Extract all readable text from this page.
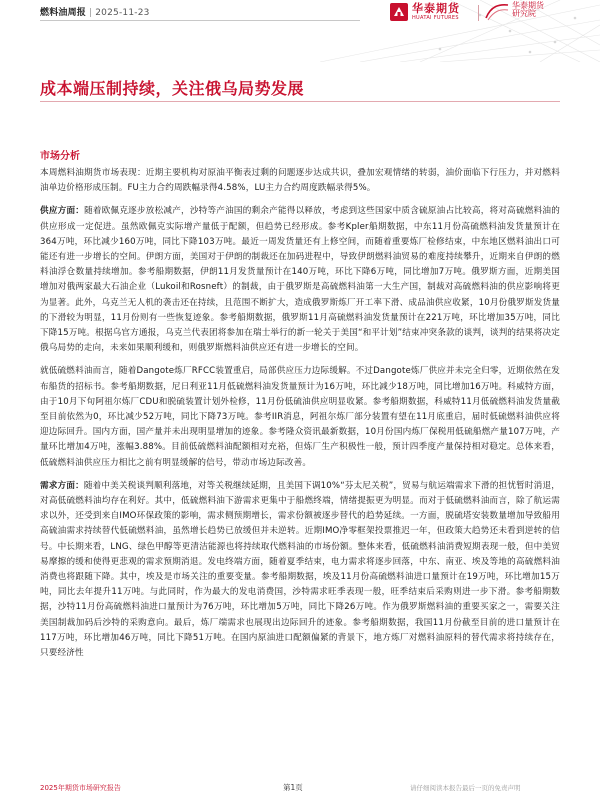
燃料油周报 | 2025-11-23	华泰期货
HUATAI FUTURES
华泰期货
研究院
成本端压制持续，关注俄乌局势发展
市场分析

本周燃料油期货市场表现：近期主要机构对原油平衡表过剩的问题逐步达成共识，叠加宏观情绪的转弱，油价面临下行压力，并对燃料油单边价格形成压制。FU主力合约周跌幅录得4.58%，LU主力合约周度跌幅录得5%。

供应方面：随着欧佩克逐步放松减产，沙特等产油国的剩余产能得以释放，考虑到这些国家中质含硫原油占比较高，将对高硫燃料油的供应形成一定促进。虽然欧佩克实际增产量低于配额，但趋势已经形成。参考Kpler船期数据，中东11月份高硫燃料油发货量预计在364万吨，环比减少160万吨，同比下降103万吨。最近一周发货量还有上修空间，而随着重要炼厂检修结束，中东地区燃料油出口可能还有进一步增长的空间。伊朗方面，美国对于伊朗的制裁还在加码进程中，导致伊朗燃料油贸易的难度持续攀升，近期来自伊朗的燃料油浮仓数量持续增加。参考船期数据，伊朗11月发货量预计在140万吨，环比下降6万吨，同比增加7万吨。俄罗斯方面，近期美国增加对俄两家最大石油企业（Lukoil和Rosneft）的制裁，由于俄罗斯是高硫燃料油第一大生产国，制裁对高硫燃料油的供应影响将更为显著。此外，乌克兰无人机的袭击还在持续，且范围不断扩大，造成俄罗斯炼厂开工率下滑、成品油供应收紧，10月份俄罗斯发货量的下滑较为明显，11月份则有一些恢复迹象。参考船期数据，俄罗斯11月高硫燃料油发货量预计在221万吨，环比增加35万吨，同比下降15万吨。根据乌官方通报，乌克兰代表团将参加在瑞士举行的新一轮关于美国“和平计划”结束冲突条款的谈判，谈判的结果将决定俄乌局势的走向，未来如果顺利缓和，则俄罗斯燃料油供应还有进一步增长的空间。

就低硫燃料油而言，随着Dangote炼厂RFCC装置重启，局部供应压力边际缓解。不过Dangote炼厂供应并未完全归零，近期依然在发布船货的招标书。参考船期数据，尼日利亚11月低硫燃料油发货量预计为16万吨，环比减少18万吨，同比增加16万吨。科威特方面，由于10月下旬阿祖尔炼厂CDU和脱硫装置计划外检修，11月份低硫油供应明显收紧。参考船期数据，科威特11月低硫燃料油发货量截至目前依然为0，环比减少52万吨，同比下降73万吨。参考IIR消息，阿祖尔炼厂部分装置有望在11月底重启，届时低硫燃料油供应将迎边际回升。国内方面，国产量并未出现明显增加的迹象。参考隆众资讯最新数据，10月份国内炼厂保税用低硫船燃产量107万吨，产量环比增加4万吨，涨幅3.88%。目前低硫燃料油配额相对充裕，但炼厂生产积极性一般，预计四季度产量保持相对稳定。总体来看，低硫燃料油供应压力相比之前有明显缓解的信号，带动市场边际改善。

需求方面：随着中美关税谈判顺利落地，对等关税继续延期，且美国下调10%“芬太尼关税”，贸易与航运端需求下滑的担忧暂时消退，对高低硫燃料油均存在利好。其中，低硫燃料油下游需求更集中于船燃终端，情绪提振更为明显。而对于低硫燃料油而言，除了航运需求以外，还受到来自IMO环保政策的影响，需求侧预期增长，需求份额被逐步替代的趋势延续。一方面，脱硫塔安装数量增加导致船用高硫油需求持续替代低硫燃料油，虽然增长趋势已放缓但并未逆转。近期IMO净零框架投票推迟一年，但政策大趋势还未看到逆转的信号。中长期来看，LNG、绿色甲醇等更清洁能源也将持续取代燃料油的市场份额。整体来看，低硫燃料油消费短期表现一般，但中美贸易摩擦的缓和使得更悲观的需求预期消退。发电终端方面，随着夏季结束，电力需求将逐步回落，中东、南亚、埃及等地的高硫燃料油消费也将跟随下降。其中，埃及是市场关注的重要变量。参考船期数据，埃及11月份高硫燃料油进口量预计在19万吨，环比增加15万吨，同比去年提升11万吨。与此同时，作为最大的发电消费国，沙特需求旺季表现一般，旺季结束后采购则进一步下滑。参考船期数据，沙特11月份高硫燃料油进口量预计为76万吨，环比增加5万吨，同比下降26万吨。作为俄罗斯燃料油的重要买家之一，需要关注美国制裁加码后沙特的采购意向。最后，炼厂端需求也展现出边际回升的迹象。参考船期数据，我国11月份截至目前的进口量预计在117万吨，环比增加46万吨，同比下降51万吨。在国内原油进口配额偏紧的背景下，地方炼厂对燃料油原料的替代需求将持续存在，只要经济性

2025年期货市场研究报告	第1页	请仔细阅读本报告最后一页的免责声明
